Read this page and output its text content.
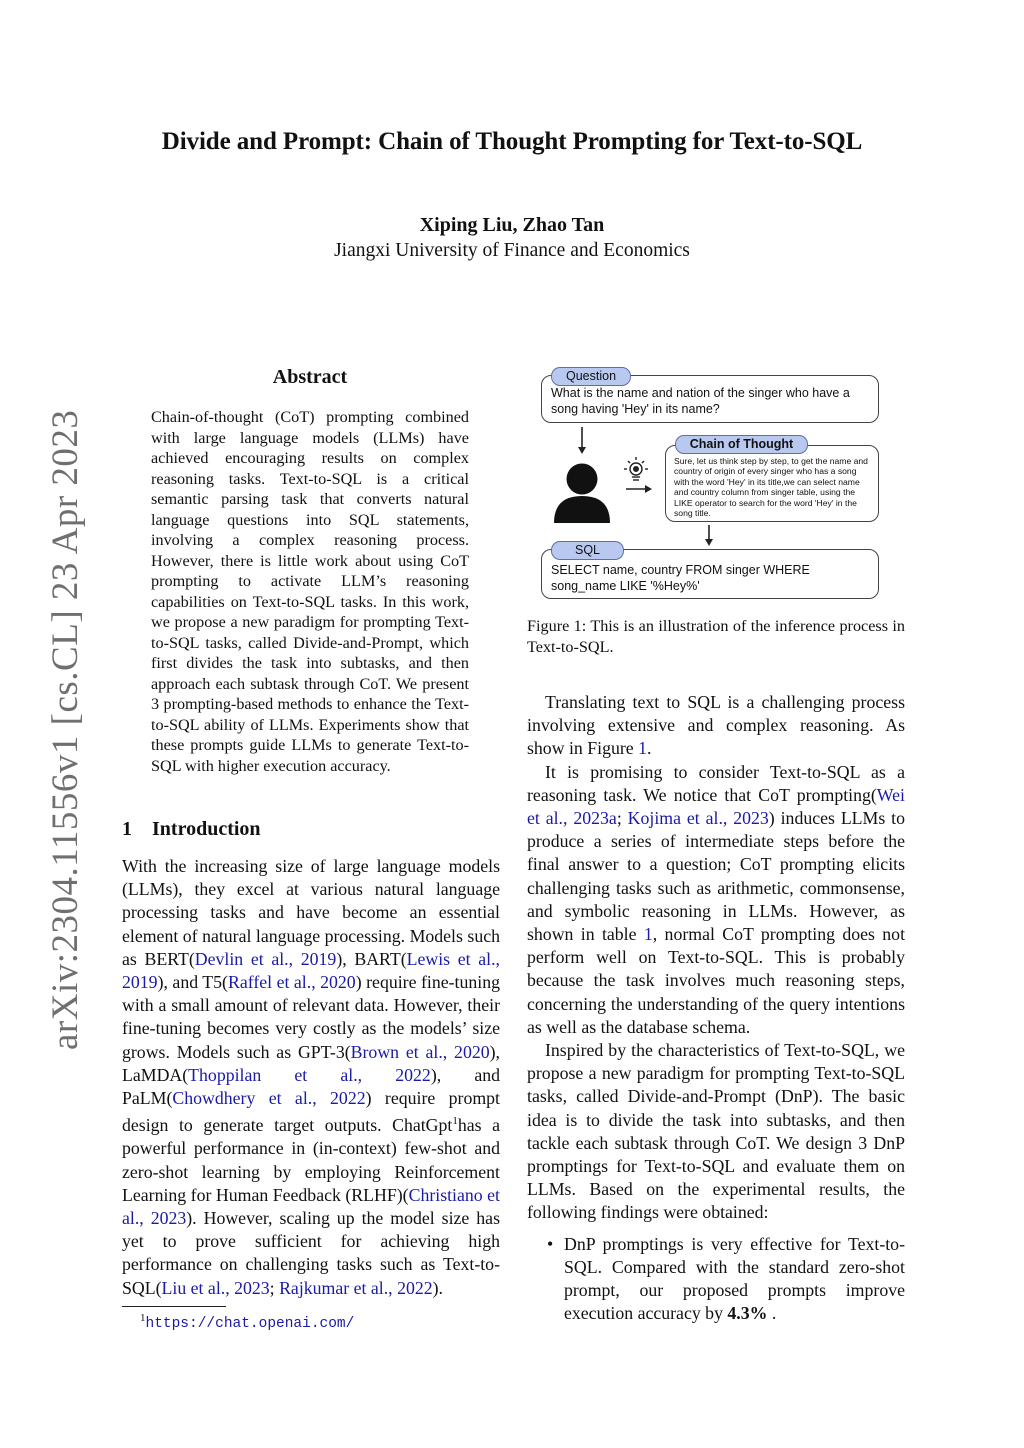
Divide and Prompt: Chain of Thought Prompting for Text-to-SQL
Xiping Liu, Zhao Tan
Jiangxi University of Finance and Economics
arXiv:2304.11556v1 [cs.CL] 23 Apr 2023
Abstract
Chain-of-thought (CoT) prompting combined with large language models (LLMs) have achieved encouraging results on complex reasoning tasks. Text-to-SQL is a critical semantic parsing task that converts natural language questions into SQL statements, involving a complex reasoning process. However, there is little work about using CoT prompting to activate LLM’s reasoning capabilities on Text-to-SQL tasks. In this work, we propose a new paradigm for prompting Text-to-SQL tasks, called Divide-and-Prompt, which first divides the task into subtasks, and then approach each subtask through CoT. We present 3 prompting-based methods to enhance the Text-to-SQL ability of LLMs. Experiments show that these prompts guide LLMs to generate Text-to-SQL with higher execution accuracy.
1 Introduction

With the increasing size of large language models (LLMs), they excel at various natural language processing tasks and have become an essential element of natural language processing. Models such as BERT(Devlin et al., 2019), BART(Lewis et al., 2019), and T5(Raffel et al., 2020) require fine-tuning with a small amount of relevant data. However, their fine-tuning becomes very costly as the models’ size grows. Models such as GPT-3(Brown et al., 2020), LaMDA(Thoppilan et al., 2022), and PaLM(Chowdhery et al., 2022) require prompt design to generate target outputs. ChatGpt$^1$has a powerful performance in (in-context) few-shot and zero-shot learning by employing Reinforcement Learning for Human Feedback (RLHF)(Christiano et al., 2023). However, scaling up the model size has yet to prove sufficient for achieving high performance on challenging tasks such as Text-to-SQL(Liu et al., 2023; Rajkumar et al., 2022).

$^1$https://chat.openai.com/
What is the name and nation of the singer who have a song having 'Hey' in its name?
Question
Sure, let us think step by step, to get the name and country of origin of every singer who has a song with the word 'Hey' in its title,we can select name and country column from singer table, using the LIKE operator to search for the word 'Hey' in the song title.
Chain of Thought
SELECT name, country FROM singer WHERE song_name LIKE '%Hey%'
SQL
Figure 1: This is an illustration of the inference process in Text-to-SQL.

Translating text to SQL is a challenging process involving extensive and complex reasoning. As show in Figure 1.

It is promising to consider Text-to-SQL as a reasoning task. We notice that CoT prompting(Wei et al., 2023a; Kojima et al., 2023) induces LLMs to produce a series of intermediate steps before the final answer to a question; CoT prompting elicits challenging tasks such as arithmetic, commonsense, and symbolic reasoning in LLMs. However, as shown in table 1, normal CoT prompting does not perform well on Text-to-SQL. This is probably because the task involves much reasoning steps, concerning the understanding of the query intentions as well as the database schema.

Inspired by the characteristics of Text-to-SQL, we propose a new paradigm for prompting Text-to-SQL tasks, called Divide-and-Prompt (DnP). The basic idea is to divide the task into subtasks, and then tackle each subtask through CoT. We design 3 DnP promptings for Text-to-SQL and evaluate them on LLMs. Based on the experimental results, the following findings were obtained:

• DnP promptings is very effective for Text-to-SQL. Compared with the standard zero-shot prompt, our proposed prompts improve execution accuracy by 4.3% .
